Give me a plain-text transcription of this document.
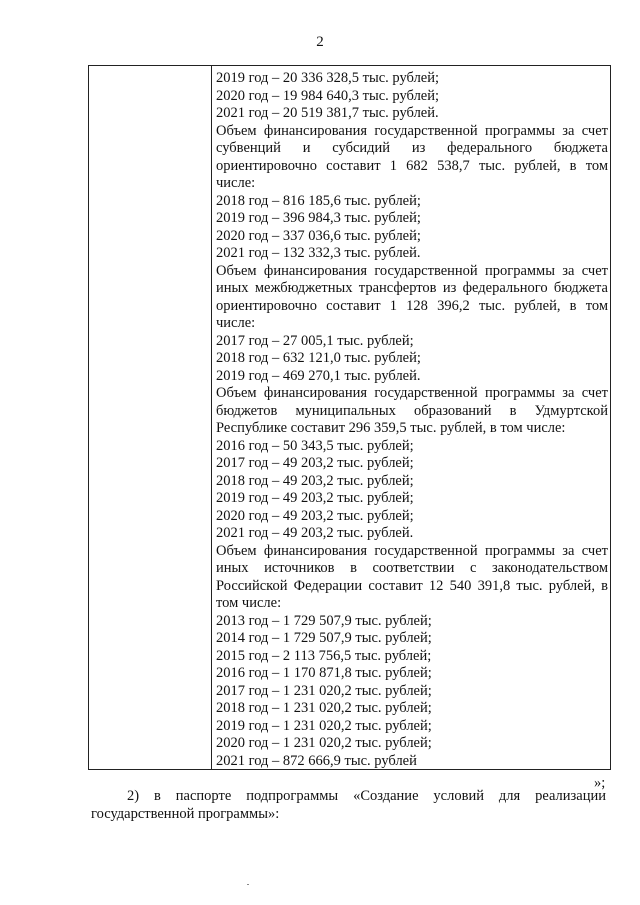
2
2019 год – 20 336 328,5 тыс. рублей;
2020 год – 19 984 640,3 тыс. рублей;
2021 год – 20 519 381,7 тыс. рублей.
Объем финансирования государственной программы за счет
субвенций и субсидий из федерального бюджета
ориентировочно составит 1 682 538,7 тыс. рублей, в том
числе:
2018 год – 816 185,6 тыс. рублей;
2019 год – 396 984,3 тыс. рублей;
2020 год – 337 036,6 тыс. рублей;
2021 год – 132 332,3 тыс. рублей.
Объем финансирования государственной программы за счет
иных межбюджетных трансфертов из федерального бюджета
ориентировочно составит 1 128 396,2 тыс. рублей, в том
числе:
2017 год – 27 005,1 тыс. рублей;
2018 год – 632 121,0 тыс. рублей;
2019 год – 469 270,1 тыс. рублей.
Объем финансирования государственной программы за счет
бюджетов муниципальных образований в Удмуртской
Республике составит 296 359,5 тыс. рублей, в том числе:
2016 год – 50 343,5 тыс. рублей;
2017 год – 49 203,2 тыс. рублей;
2018 год – 49 203,2 тыс. рублей;
2019 год – 49 203,2 тыс. рублей;
2020 год – 49 203,2 тыс. рублей;
2021 год – 49 203,2 тыс. рублей.
Объем финансирования государственной программы за счет
иных источников в соответствии с законодательством
Российской Федерации составит 12 540 391,8 тыс. рублей, в
том числе:
2013 год – 1 729 507,9 тыс. рублей;
2014 год – 1 729 507,9 тыс. рублей;
2015 год – 2 113 756,5 тыс. рублей;
2016 год – 1 170 871,8 тыс. рублей;
2017 год – 1 231 020,2 тыс. рублей;
2018 год – 1 231 020,2 тыс. рублей;
2019 год – 1 231 020,2 тыс. рублей;
2020 год – 1 231 020,2 тыс. рублей;
2021 год – 872 666,9 тыс. рублей
»;
2) в паспорте подпрограммы «Создание условий для реализации
государственной программы»:
